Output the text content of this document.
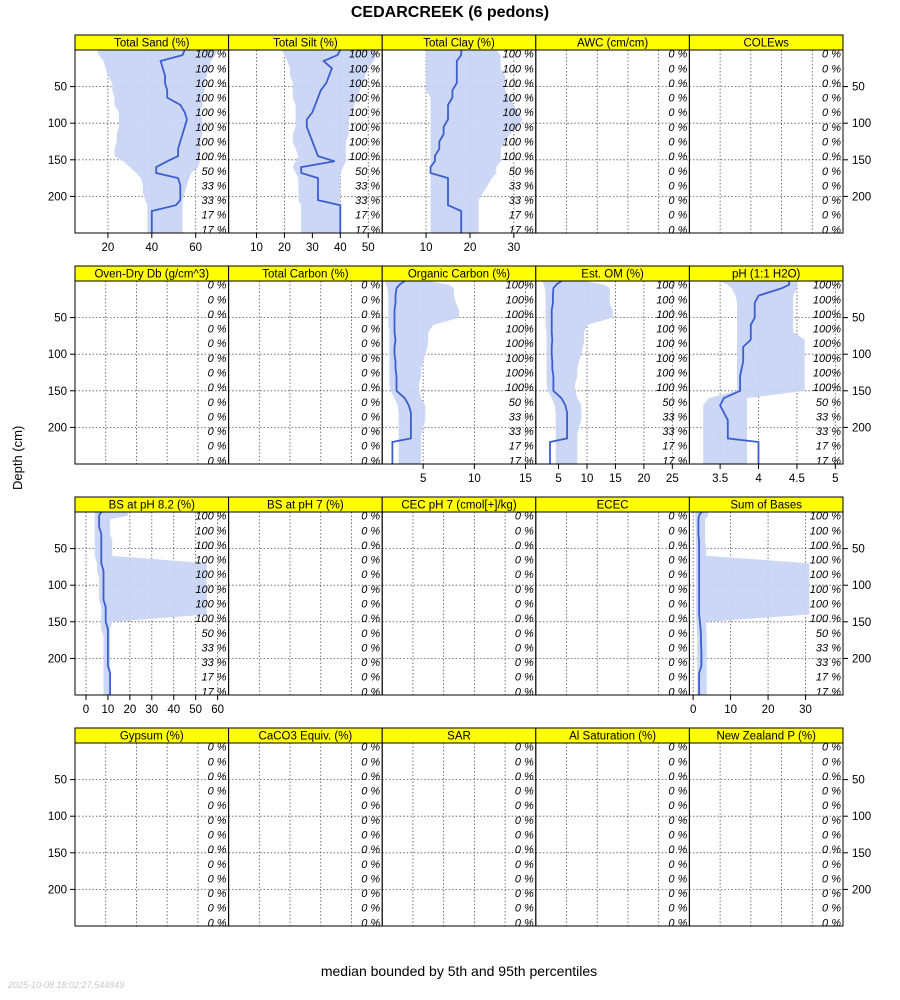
CEDARCREEK (6 pedons)
Total Sand (%)
100 %
100 %
100 %
100 %
100 %
100 %
100 %
100 %
50 %
33 %
33 %
17 %
17 %
20	40	60
Total Silt (%)
100 %
100 %
100 %
100 %
100 %
100 %
100 %
100 %
50 %
33 %
33 %
17 %
17 %
10 20 30 40 50
Total Clay (%)
100 %
100 %
100 %
100 %
100 %
100 %
100 %
100 %
50 %
33 %
33 %
17 %
17 %
10	20	30
AWC (cm/cm)
0 %
0 %
0 %
0 %
0 %
0 %
0 %
0 %
0 %
0 %
0 %
0 %
0 %
COLEws
0 %
0 %
0 %
0 %
0 %
0 %
0 %
0 %
0 %
0 %
0 %
0 %
0 %
50	50
100	100
150	150
200	200
Oven-Dry Db (g/cm^3)
0 %
0 %
0 %
0 %
0 %
0 %
0 %
0 %
0 %
0 %
0 %
0 %
0 %
Total Carbon (%)
0 %
0 %
0 %
0 %
0 %
0 %
0 %
0 %
0 %
0 %
0 %
0 %
0 %
Organic Carbon (%)
100%
100%
100%
100%
100%
100%
100%
100%
50 %
33 %
33 %
17 %
17 %
5	10	15
Est. OM (%)
100 %
100 %
100 %
100 %
100 %
100 %
100 %
100 %
50 %
33 %
33 %
17 %
17 %
5 10 15 20 25
pH (1:1 H2O)
100%
100%
100%
100%
100%
100%
100%
100%
50 %
33 %
33 %
17 %
17 %
3.5 4 4.5 5
50	50
100	100
150	150
200	200
BS at pH 8.2 (%)
100 %
100 %
100 %
100 %
100 %
100 %
100 %
100 %
50 %
33 %
33 %
17 %
17 %
0 10 20 30 40 50 60
BS at pH 7 (%)
0 %
0 %
0 %
0 %
0 %
0 %
0 %
0 %
0 %
0 %
0 %
0 %
0 %
CEC pH 7 (cmol[+]/kg)
0 %
0 %
0 %
0 %
0 %
0 %
0 %
0 %
0 %
0 %
0 %
0 %
0 %
ECEC
0 %
0 %
0 %
0 %
0 %
0 %
0 %
0 %
0 %
0 %
0 %
0 %
0 %
Sum of Bases
100 %
100 %
100 %
100 %
100 %
100 %
100 %
100 %
50 %
33 %
33 %
17 %
17 %
0 10 20 30
50	50
100	100
150	150
200	200
Gypsum (%)
0 %
0 %
0 %
0 %
0 %
0 %
0 %
0 %
0 %
0 %
0 %
0 %
0 %
CaCO3 Equiv. (%)
0 %
0 %
0 %
0 %
0 %
0 %
0 %
0 %
0 %
0 %
0 %
0 %
0 %
SAR
0 %
0 %
0 %
0 %
0 %
0 %
0 %
0 %
0 %
0 %
0 %
0 %
0 %
Al Saturation (%)
0 %
0 %
0 %
0 %
0 %
0 %
0 %
0 %
0 %
0 %
0 %
0 %
0 %
New Zealand P (%)
0 %
0 %
0 %
0 %
0 %
0 %
0 %
0 %
0 %
0 %
0 %
0 %
0 %
50	50
100	100
150	150
200	200
Depth (cm)
median bounded by 5th and 95th percentiles
2025-10-08 18:02:27.544849
